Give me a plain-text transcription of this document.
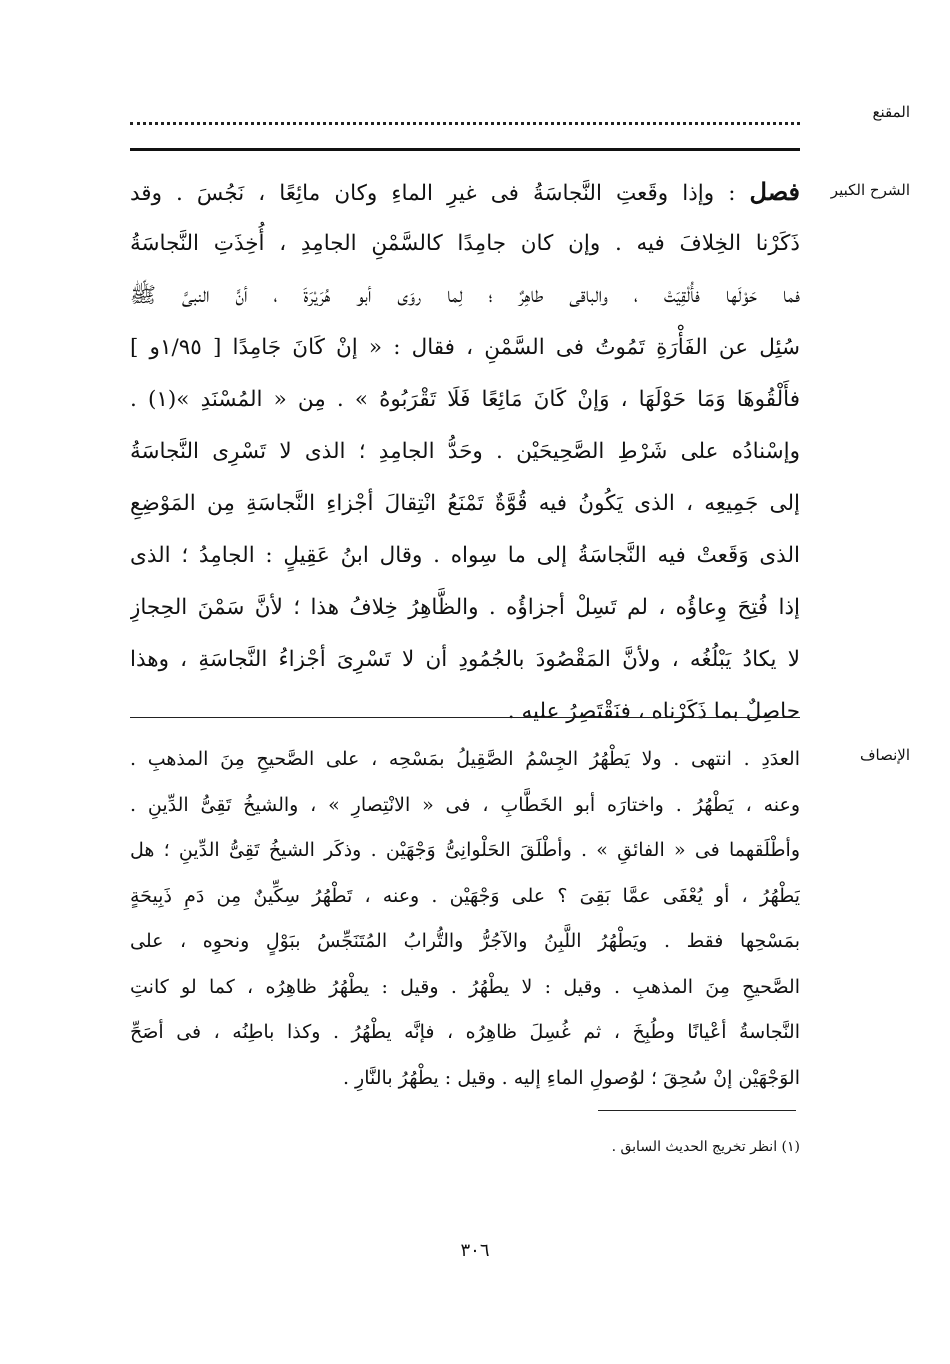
المقنع
الشرح الكبير
فصل : وإذا وقَعتِ النَّجاسَةُ فى غيرِ الماءِ وكان مائِعًا ، نَجُسَ . وقد
ذَكَرْنا الخِلافَ فيه . وإن كان جامِدًا كالسَّمْنِ الجامِدِ ، أُخِذَتِ النَّجاسَةُ
فما حَوْلَها فأُلْقِيَتْ ، والباقى طاهِرٌ ؛ لِما روَى أبو هُرَيْرَةَ ، أنَّ النبىَّ ﷺ
سُئِل عن الفَأْرَةِ تَمُوتُ فى السَّمْنِ ، فقال : « إنْ كَانَ جَامِدًا [ ١/٩٥و ]
فأَلْقُوهَا وَمَا حَوْلَهَا ، وَإنْ كَانَ مَائِعًا فَلَا تَقْرَبُوهُ » . مِن « المُسْنَدِ »(١) .
وإسْنادُه على شَرْطِ الصَّحِيحَيْن . وحَدُّ الجامِدِ ؛ الذى لا تَسْرِى النَّجاسَةُ
إلى جَمِيعِه ، الذى يَكُونُ فيه قُوَّةٌ تَمْنَعُ انْتِقالَ أجْزاءِ النَّجاسَةِ مِن المَوْضِعِ
الذى وَقَعتْ فيه النَّجاسَةُ إلى ما سِواه . وقال ابنُ عَقِيلٍ : الجامِدُ ؛ الذى
إذا فُتِحَ وِعاؤُه ، لم تَسِلْ أجزاؤُه . والظَّاهِرُ خِلافُ هذا ؛ لأنَّ سَمْنَ الحِجازِ
لا يكادُ يَبْلُغُه ، ولأنَّ المَقْصُودَ بالجُمُودِ أن لا تَسْرِىَ أجْزاءُ النَّجاسَةِ ، وهذا
حاصِلٌ بما ذَكَرْناه ، فنَقْتَصِرُ عليه .
الإنصاف
العدَدِ . انتهى . ولا يَطْهُرُ الجِسْمُ الصَّقِيلُ بمَسْحِه ، على الصَّحيحِ مِنَ المذهبِ .
وعنه ، يَطْهُرُ . واختارَه أبو الخَطَّابِ ، فى « الانْتِصارِ » ، والشيخُ تَقِىُّ الدِّينِ .
وأطْلَقهما فى « الفائقِ » . وأطْلَقَ الحَلْوانِىُّ وَجْهَيْن . وذكَر الشيخُ تَقِىُّ الدِّينِ ؛ هل
يَطْهُرُ ، أو يُعْفَى عمَّا بَقِىَ ؟ على وَجْهَيْن . وعنه ، تَطْهُرُ سِكِّينٌ مِن دَمِ ذَبِيحَةٍ
بمَسْحِها فقط . ويَطْهُرُ اللَّبِنُ والآجُرُّ والتُّرابُ المُتَنَجِّسُ ببَوْلٍ ونحوِه ، على
الصَّحيحِ مِنَ المذهبِ . وقيل : لا يطْهُرُ . وقيل : يطْهُرُ ظاهِرُه ، كما لو كانتِ
النَّجاسةُ أعْيانًا وطُبِخَ ، ثم غُسِلَ ظاهِرُه ، فإنَّه يطْهُرُ . وكذا باطِنُه ، فى أصَحِّ
الوَجْهَيْن إنْ سُحِقَ ؛ لوُصولِ الماءِ إليه . وقيل : يطْهُرُ بالنَّارِ .
(١) انظر تخريج الحديث السابق .
٣٠٦
